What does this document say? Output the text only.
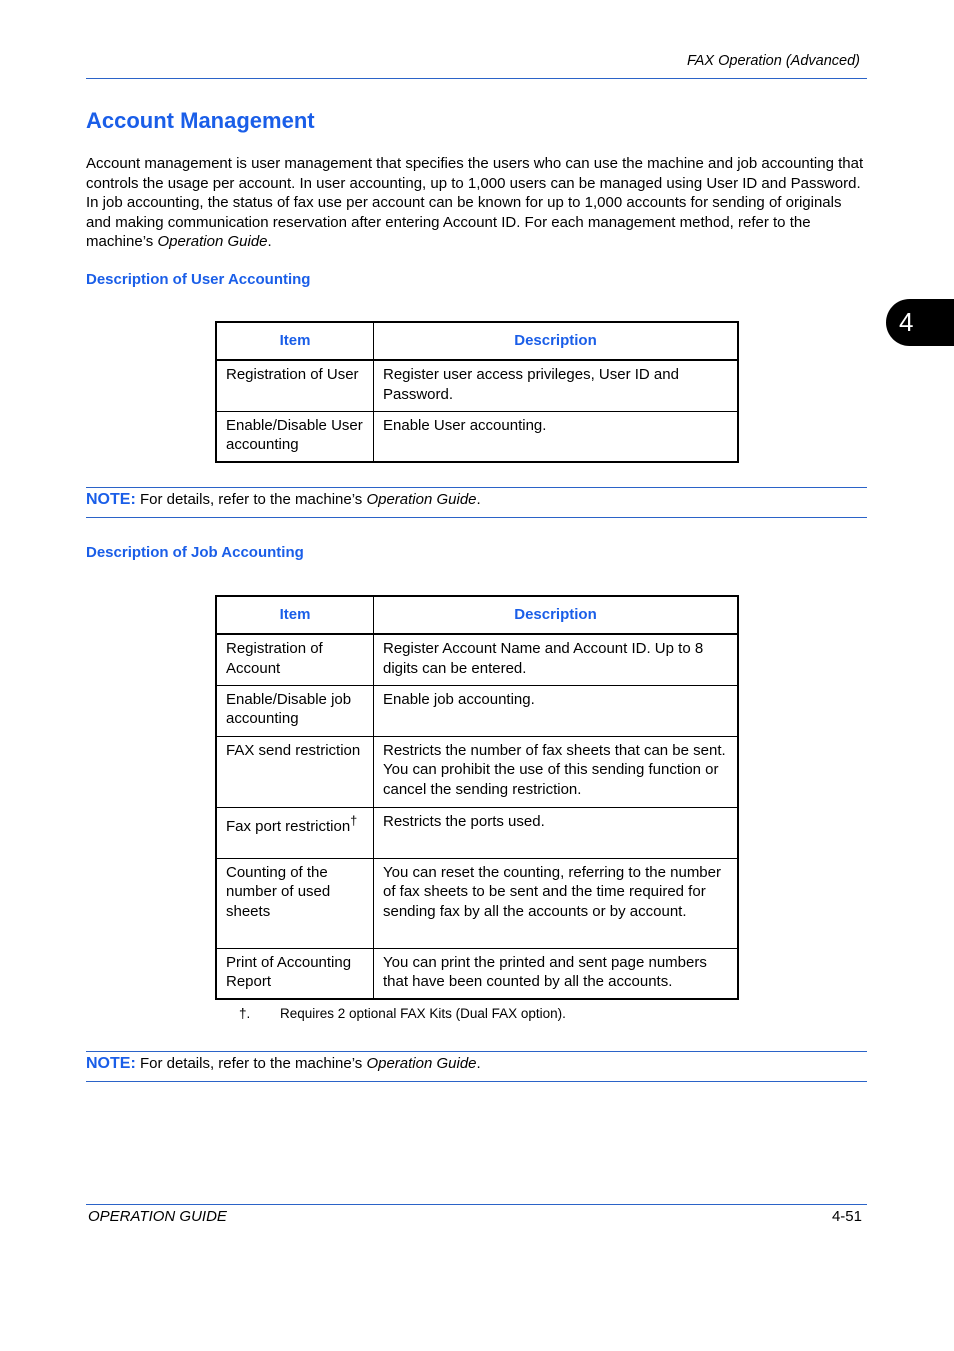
FAX Operation (Advanced)
4
Account Management
Account management is user management that specifies the users who can use the machine and job accounting that controls the usage per account. In user accounting, up to 1,000 users can be managed using User ID and Password. In job accounting, the status of fax use per account can be known for up to 1,000 accounts for sending of originals and making communication reservation after entering Account ID. For each management method, refer to the machine’s Operation Guide.
Description of User Accounting
Item	Description
Registration of User	Register user access privileges, User ID and Password.
Enable/Disable User accounting	Enable User accounting.
NOTE: For details, refer to the machine’s Operation Guide.
Description of Job Accounting
Item	Description
Registration of Account	Register Account Name and Account ID. Up to 8 digits can be entered.
Enable/Disable job accounting	Enable job accounting.
FAX send restriction	Restricts the number of fax sheets that can be sent. You can prohibit the use of this sending function or cancel the sending restriction.
Fax port restriction†	Restricts the ports used.
Counting of the number of used sheets	You can reset the counting, referring to the number of fax sheets to be sent and the time required for sending fax by all the accounts or by account.
Print of Accounting Report	You can print the printed and sent page numbers that have been counted by all the accounts.
†. Requires 2 optional FAX Kits (Dual FAX option).
NOTE: For details, refer to the machine’s Operation Guide.
OPERATION GUIDE	4-51
